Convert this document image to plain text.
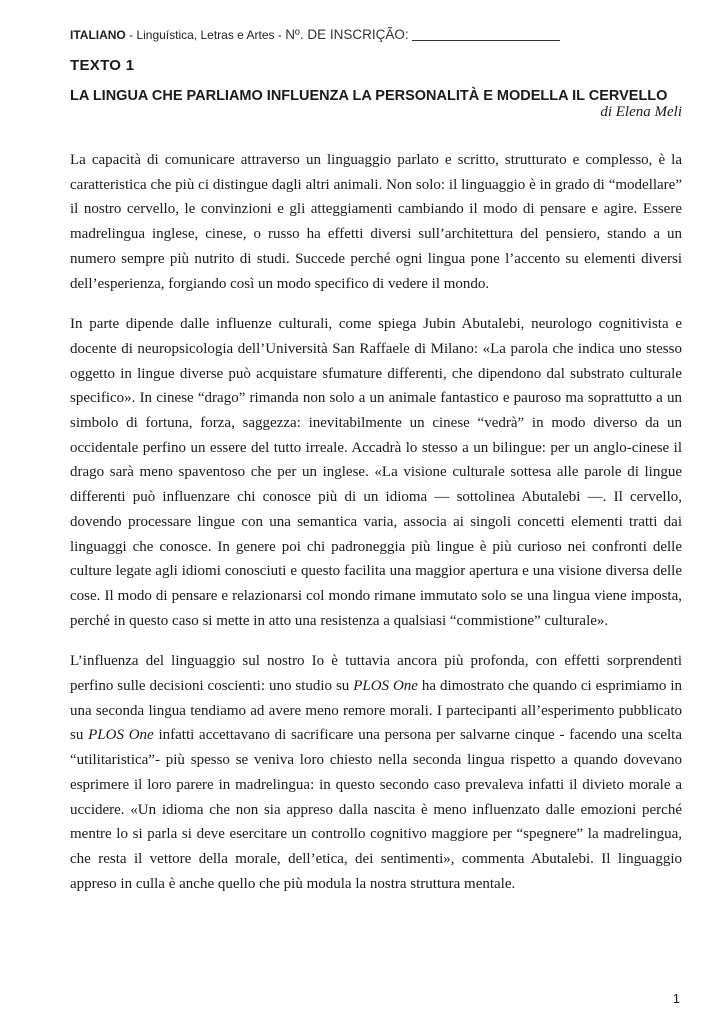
ITALIANO - Linguística, Letras e Artes - Nº. DE INSCRIÇÃO:
TEXTO 1
LA LINGUA CHE PARLIAMO INFLUENZA LA PERSONALITÀ E MODELLA IL CERVELLO
di Elena Meli

La capacità di comunicare attraverso un linguaggio parlato e scritto, strutturato e complesso, è la caratteristica che più ci distingue dagli altri animali. Non solo: il linguaggio è in grado di “modellare” il nostro cervello, le convinzioni e gli atteggiamenti cambiando il modo di pensare e agire. Essere madrelingua inglese, cinese, o russo ha effetti diversi sull’architettura del pensiero, stando a un numero sempre più nutrito di studi. Succede perché ogni lingua pone l’accento su elementi diversi dell’esperienza, forgiando così un modo specifico di vedere il mondo.

In parte dipende dalle influenze culturali, come spiega Jubin Abutalebi, neurologo cognitivista e docente di neuropsicologia dell’Università San Raffaele di Milano: «La parola che indica uno stesso oggetto in lingue diverse può acquistare sfumature differenti, che dipendono dal substrato culturale specifico». In cinese “drago” rimanda non solo a un animale fantastico e pauroso ma soprattutto a un simbolo di fortuna, forza, saggezza: inevitabilmente un cinese “vedrà” in modo diverso da un occidentale perfino un essere del tutto irreale. Accadrà lo stesso a un bilingue: per un anglo-cinese il drago sarà meno spaventoso che per un inglese. «La visione culturale sottesa alle parole di lingue differenti può influenzare chi conosce più di un idioma — sottolinea Abutalebi —. Il cervello, dovendo processare lingue con una semantica varia, associa ai singoli concetti elementi tratti dai linguaggi che conosce. In genere poi chi padroneggia più lingue è più curioso nei confronti delle culture legate agli idiomi conosciuti e questo facilita una maggior apertura e una visione diversa delle cose. Il modo di pensare e relazionarsi col mondo rimane immutato solo se una lingua viene imposta, perché in questo caso si mette in atto una resistenza a qualsiasi “commistione” culturale».

L’influenza del linguaggio sul nostro Io è tuttavia ancora più profonda, con effetti sorprendenti perfino sulle decisioni coscienti: uno studio su PLOS One ha dimostrato che quando ci esprimiamo in una seconda lingua tendiamo ad avere meno remore morali. I partecipanti all’esperimento pubblicato su PLOS One infatti accettavano di sacrificare una persona per salvarne cinque - facendo una scelta “utilitaristica”- più spesso se veniva loro chiesto nella seconda lingua rispetto a quando dovevano esprimere il loro parere in madrelingua: in questo secondo caso prevaleva infatti il divieto morale a uccidere. «Un idioma che non sia appreso dalla nascita è meno influenzato dalle emozioni perché mentre lo si parla si deve esercitare un controllo cognitivo maggiore per “spegnere” la madrelingua, che resta il vettore della morale, dell’etica, dei sentimenti», commenta Abutalebi. Il linguaggio appreso in culla è anche quello che più modula la nostra struttura mentale.

1
